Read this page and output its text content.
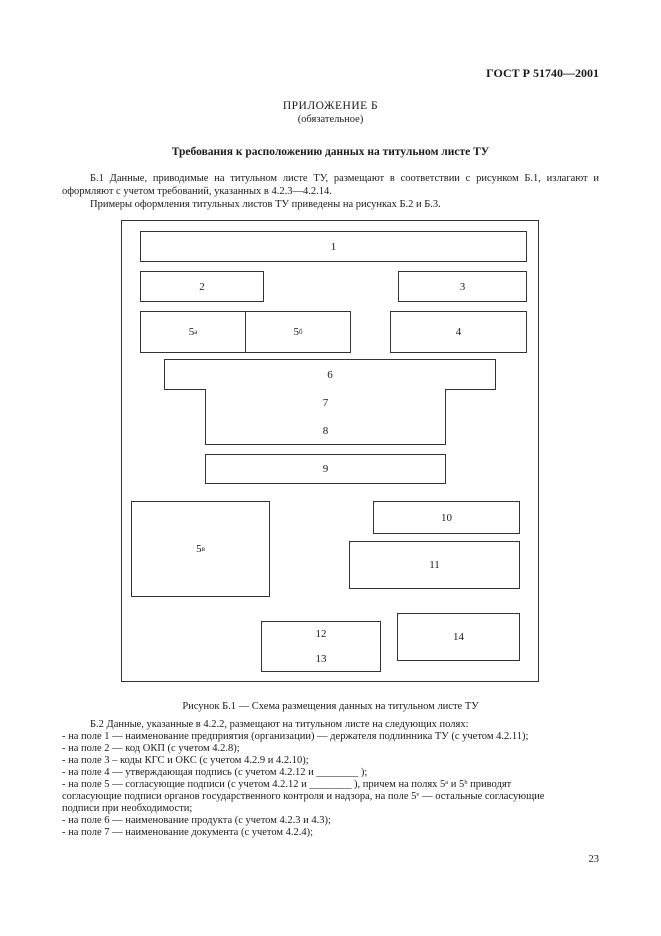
ГОСТ Р 51740—2001
ПРИЛОЖЕНИЕ Б
(обязательное)
Требования к расположению данных на титульном листе ТУ
Б.1 Данные, приводимые на титульном листе ТУ, размещают в соответствии с рисунком Б.1, излагают и оформляют с учетом требований, указанных в 4.2.3—4.2.14.
Примеры оформления титульных листов ТУ приведены на рисунках Б.2 и Б.3.
1
2	3
5 а	5 б	4
6
7
8
9
5 в
10
11
12
13
14
Рисунок Б.1 — Схема размещения данных на титульном листе ТУ
Б.2 Данные, указанные в 4.2.2, размещают на титульном листе на следующих полях:
- на поле 1 — наименование предприятия (организации) — держателя подлинника ТУ (с учетом 4.2.11);
- на поле 2 — код ОКП (с учетом 4.2.8);
- на поле 3 – коды КГС и ОКС (с учетом 4.2.9 и 4.2.10);
- на поле 4 — утверждающая подпись (с учетом 4.2.12 и ________ );
- на поле 5 — согласующие подписи (с учетом 4.2.12 и ________ ), причем на полях 5ᵃ и 5ᵇ приводят
согласующие подписи органов государственного контроля и надзора, на поле 5ᵛ — остальные согласующие
подписи при необходимости;
- на поле 6 — наименование продукта (с учетом 4.2.3 и 4.3);
- на поле 7 — наименование документа (с учетом 4.2.4);
23
